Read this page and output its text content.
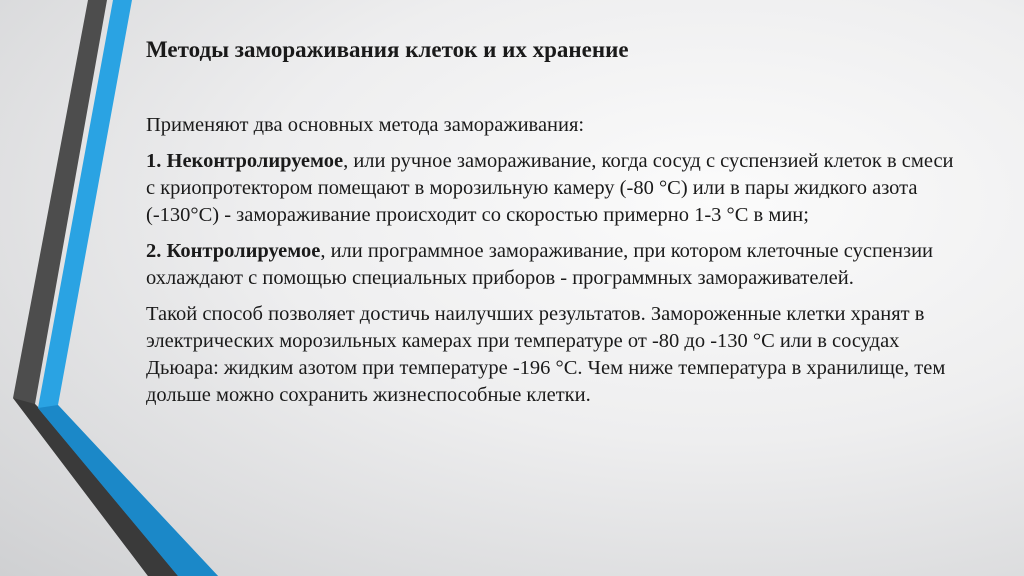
Методы замораживания клеток и их хранение

Применяют два основных метода замораживания:

1. Неконтролируемое, или ручное замораживание, когда сосуд с суспензией клеток в смеси с криопротектором помещают в морозильную камеру (-80 °С) или в пары жидкого азота (-130°С) - замораживание происходит со скоростью примерно 1-3 °С в мин;

2. Контролируемое, или программное замораживание, при котором клеточные суспензии охлаждают с помощью специальных приборов - программных замораживателей.

Такой способ позволяет достичь наилучших результатов. Замороженные клетки хранят в электрических морозильных камерах при температуре от -80 до -130 °С или в сосудах Дьюара: жидким азотом при температуре -196 °С. Чем ниже температура в хранилище, тем дольше можно сохранить жизнеспособные клетки.
